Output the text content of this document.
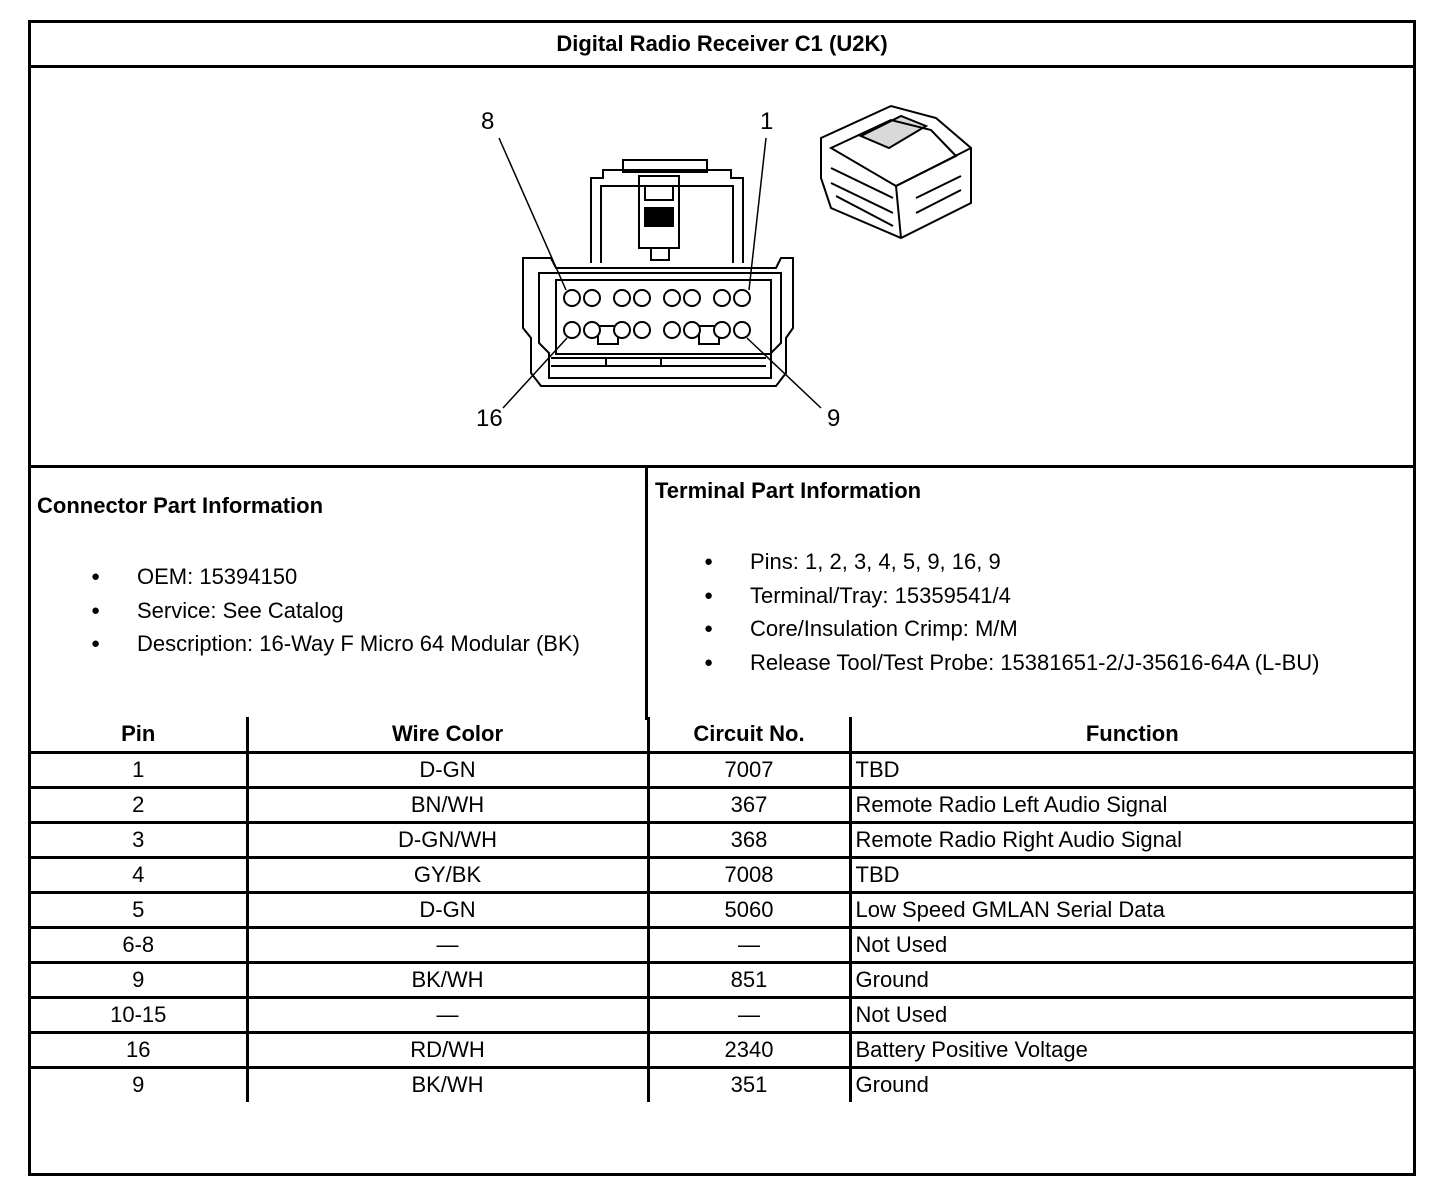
Digital Radio Receiver C1 (U2K)
8	1
16	9
Connector Part Information
● OEM: 15394150
● Service: See Catalog
● Description: 16-Way F Micro 64 Modular (BK)
Terminal Part Information
● Pins: 1, 2, 3, 4, 5, 9, 16, 9
● Terminal/Tray: 15359541/4
● Core/Insulation Crimp: M/M
● Release Tool/Test Probe: 15381651-2/J-35616-64A (L-BU)
Pin	Wire Color	Circuit No.	Function
1	D-GN	7007	TBD
2	BN/WH	367	Remote Radio Left Audio Signal
3	D-GN/WH	368	Remote Radio Right Audio Signal
4	GY/BK	7008	TBD
5	D-GN	5060	Low Speed GMLAN Serial Data
6-8	—	—	Not Used
9	BK/WH	851	Ground
10-15	—	—	Not Used
16	RD/WH	2340	Battery Positive Voltage
9	BK/WH	351	Ground
